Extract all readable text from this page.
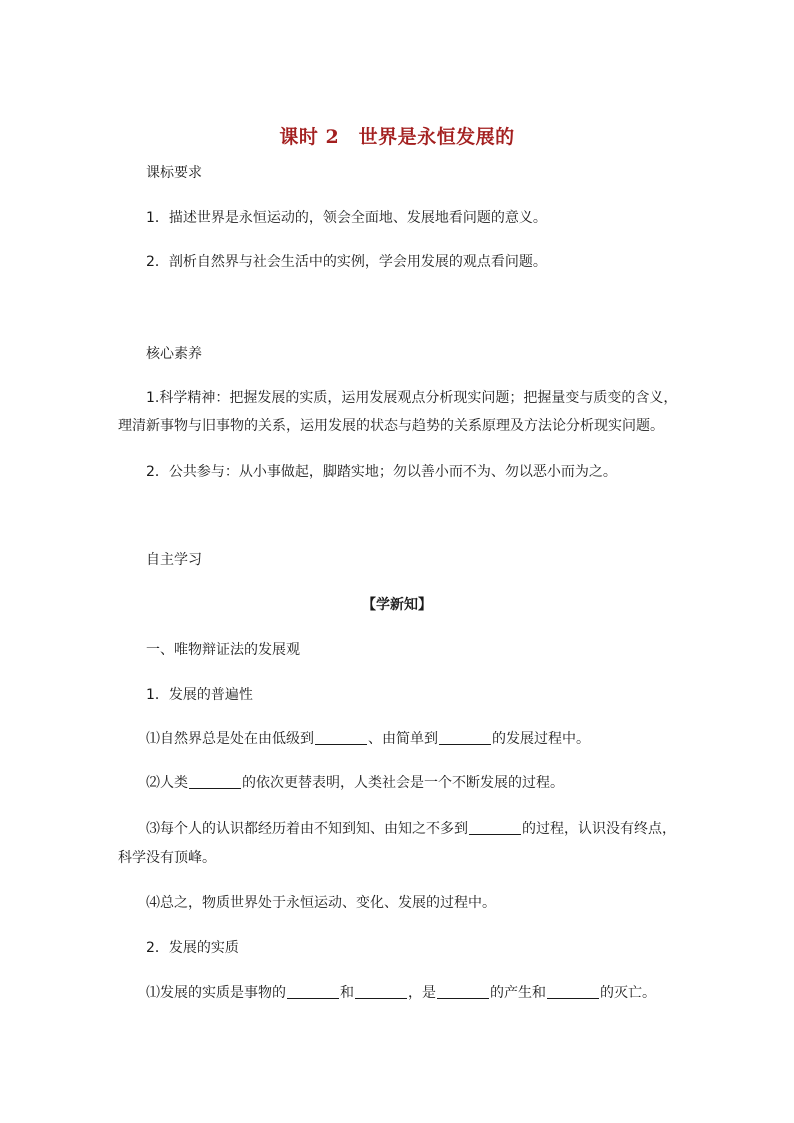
课时 2　世界是永恒发展的
课标要求
1．描述世界是永恒运动的，领会全面地、发展地看问题的意义。
2．剖析自然界与社会生活中的实例，学会用发展的观点看问题。
核心素养
1.科学精神：把握发展的实质，运用发展观点分析现实问题；把握量变与质变的含义，
理清新事物与旧事物的关系，运用发展的状态与趋势的关系原理及方法论分析现实问题。
2．公共参与：从小事做起，脚踏实地；勿以善小而不为、勿以恶小而为之。
自主学习
【学新知】
一、唯物辩证法的发展观
1．发展的普遍性
⑴自然界总是处在由低级到	、由简单到	的发展过程中。
⑵人类	的依次更替表明，人类社会是一个不断发展的过程。
⑶每个人的认识都经历着由不知到知、由知之不多到	的过程，认识没有终点，
科学没有顶峰。
⑷总之，物质世界处于永恒运动、变化、发展的过程中。
2．发展的实质
⑴发展的实质是事物的	和	，是	的产生和	的灭亡。
